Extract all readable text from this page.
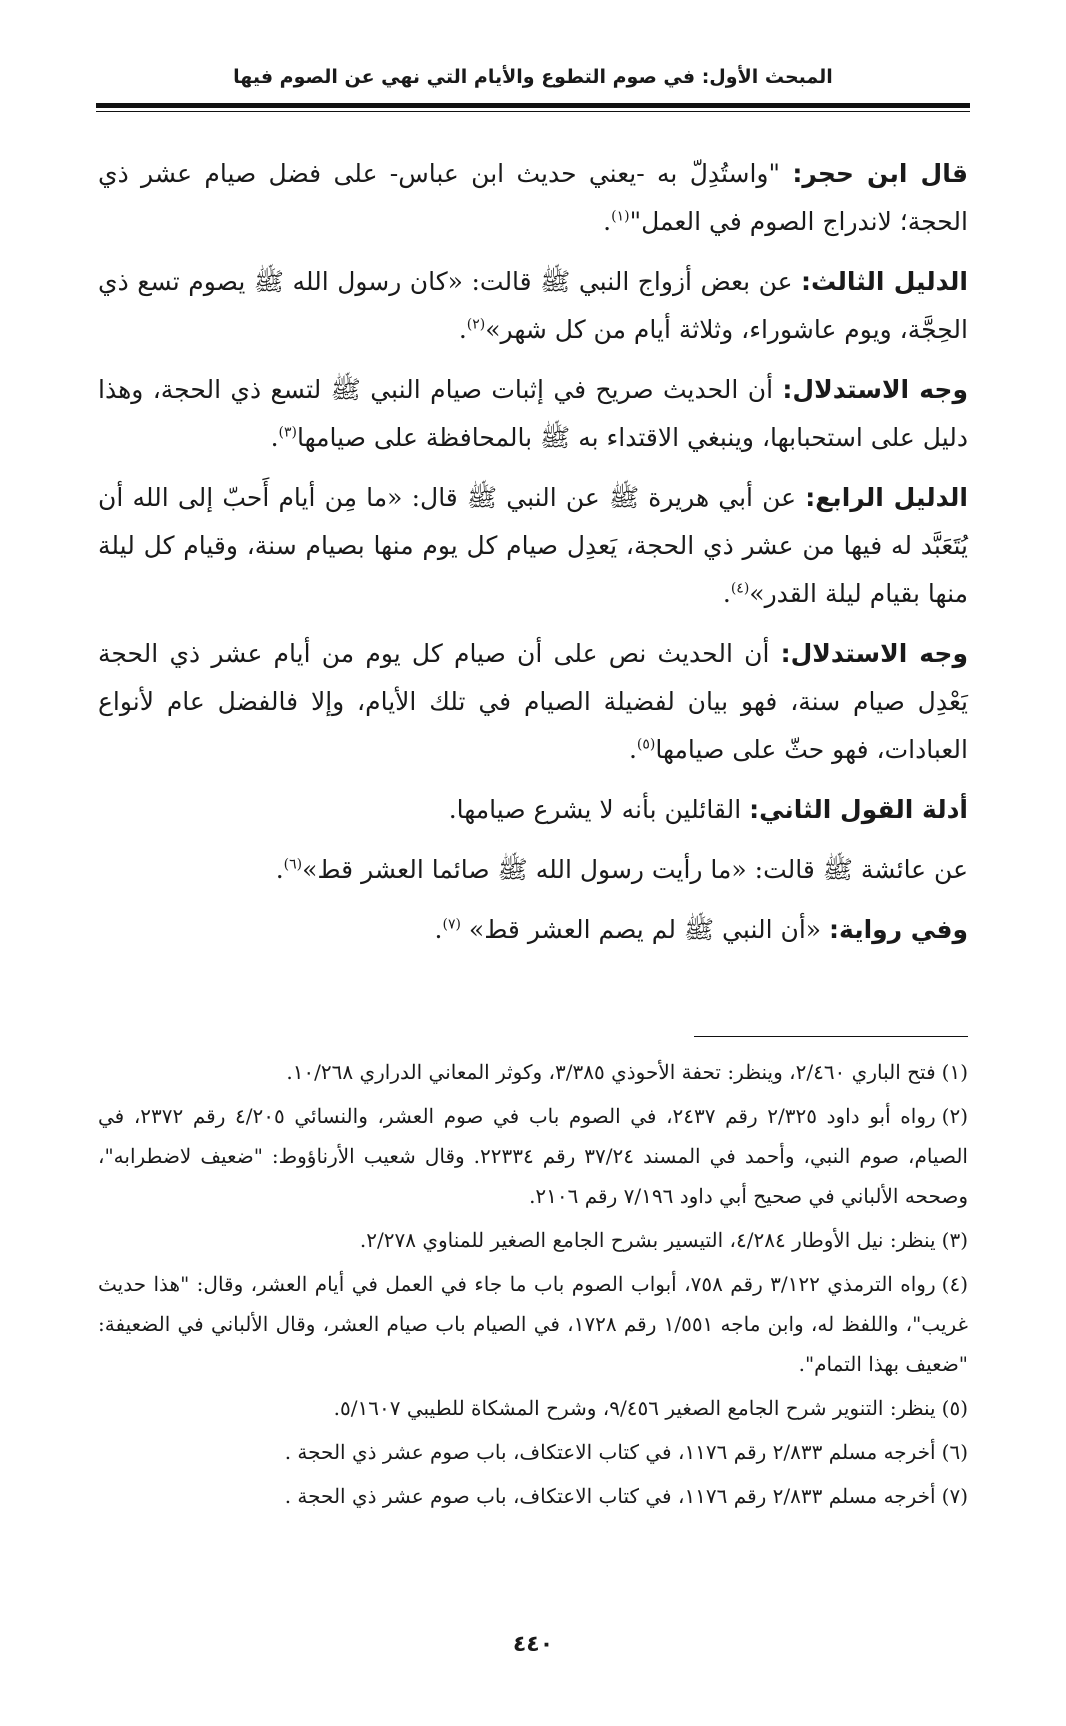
المبحث الأول: في صوم التطوع والأيام التي نهي عن الصوم فيها

قال ابن حجر: "واستُدِلّ به -يعني حديث ابن عباس- على فضل صيام عشر ذي الحجة؛ لاندراج الصوم في العمل"$^{(١)}$.

الدليل الثالث: عن بعض أزواج النبي ﷺ قالت: «كان رسول الله ﷺ يصوم تسع ذي الحِجَّة، ويوم عاشوراء، وثلاثة أيام من كل شهر»$^{(٢)}$.

وجه الاستدلال: أن الحديث صريح في إثبات صيام النبي ﷺ لتسع ذي الحجة، وهذا دليل على استحبابها، وينبغي الاقتداء به ﷺ بالمحافظة على صيامها$^{(٣)}$.

الدليل الرابع: عن أبي هريرة ﷺ عن النبي ﷺ قال: «ما مِن أيام أَحبّ إلى الله أن يُتَعَبَّد له فيها من عشر ذي الحجة، يَعدِل صيام كل يوم منها بصيام سنة، وقيام كل ليلة منها بقيام ليلة القدر»$^{(٤)}$.

وجه الاستدلال: أن الحديث نص على أن صيام كل يوم من أيام عشر ذي الحجة يَعْدِل صيام سنة، فهو بيان لفضيلة الصيام في تلك الأيام، وإلا فالفضل عام لأنواع العبادات، فهو حثّ على صيامها$^{(٥)}$.

أدلة القول الثاني: القائلين بأنه لا يشرع صيامها.

عن عائشة ﷺ قالت: «ما رأيت رسول الله ﷺ صائما العشر قط»$^{(٦)}$.

وفي رواية: «أن النبي ﷺ لم يصم العشر قط» $^{(٧)}$.

(١)فتح الباري ٢/٤٦٠، وينظر: تحفة الأحوذي ٣/٣٨٥، وكوثر المعاني الدراري ١٠/٢٦٨.

(٢)رواه أبو داود ٢/٣٢٥ رقم ٢٤٣٧، في الصوم باب في صوم العشر، والنسائي ٤/٢٠٥ رقم ٢٣٧٢، في الصيام، صوم النبي، وأحمد في المسند ٣٧/٢٤ رقم ٢٢٣٣٤. وقال شعيب الأرناؤوط: "ضعيف لاضطرابه"، وصححه الألباني في صحيح أبي داود ٧/١٩٦ رقم ٢١٠٦.

(٣)ينظر: نيل الأوطار ٤/٢٨٤، التيسير بشرح الجامع الصغير للمناوي ٢/٢٧٨.

(٤)رواه الترمذي ٣/١٢٢ رقم ٧٥٨، أبواب الصوم باب ما جاء في العمل في أيام العشر، وقال: "هذا حديث غريب"، واللفظ له، وابن ماجه ١/٥٥١ رقم ١٧٢٨، في الصيام باب صيام العشر، وقال الألباني في الضعيفة: "ضعيف بهذا التمام".

(٥)ينظر: التنوير شرح الجامع الصغير ٩/٤٥٦، وشرح المشكاة للطيبي ٥/١٦٠٧.

(٦)أخرجه مسلم ٢/٨٣٣ رقم ١١٧٦، في كتاب الاعتكاف، باب صوم عشر ذي الحجة .

(٧)أخرجه مسلم ٢/٨٣٣ رقم ١١٧٦، في كتاب الاعتكاف، باب صوم عشر ذي الحجة .

٤٤٠
